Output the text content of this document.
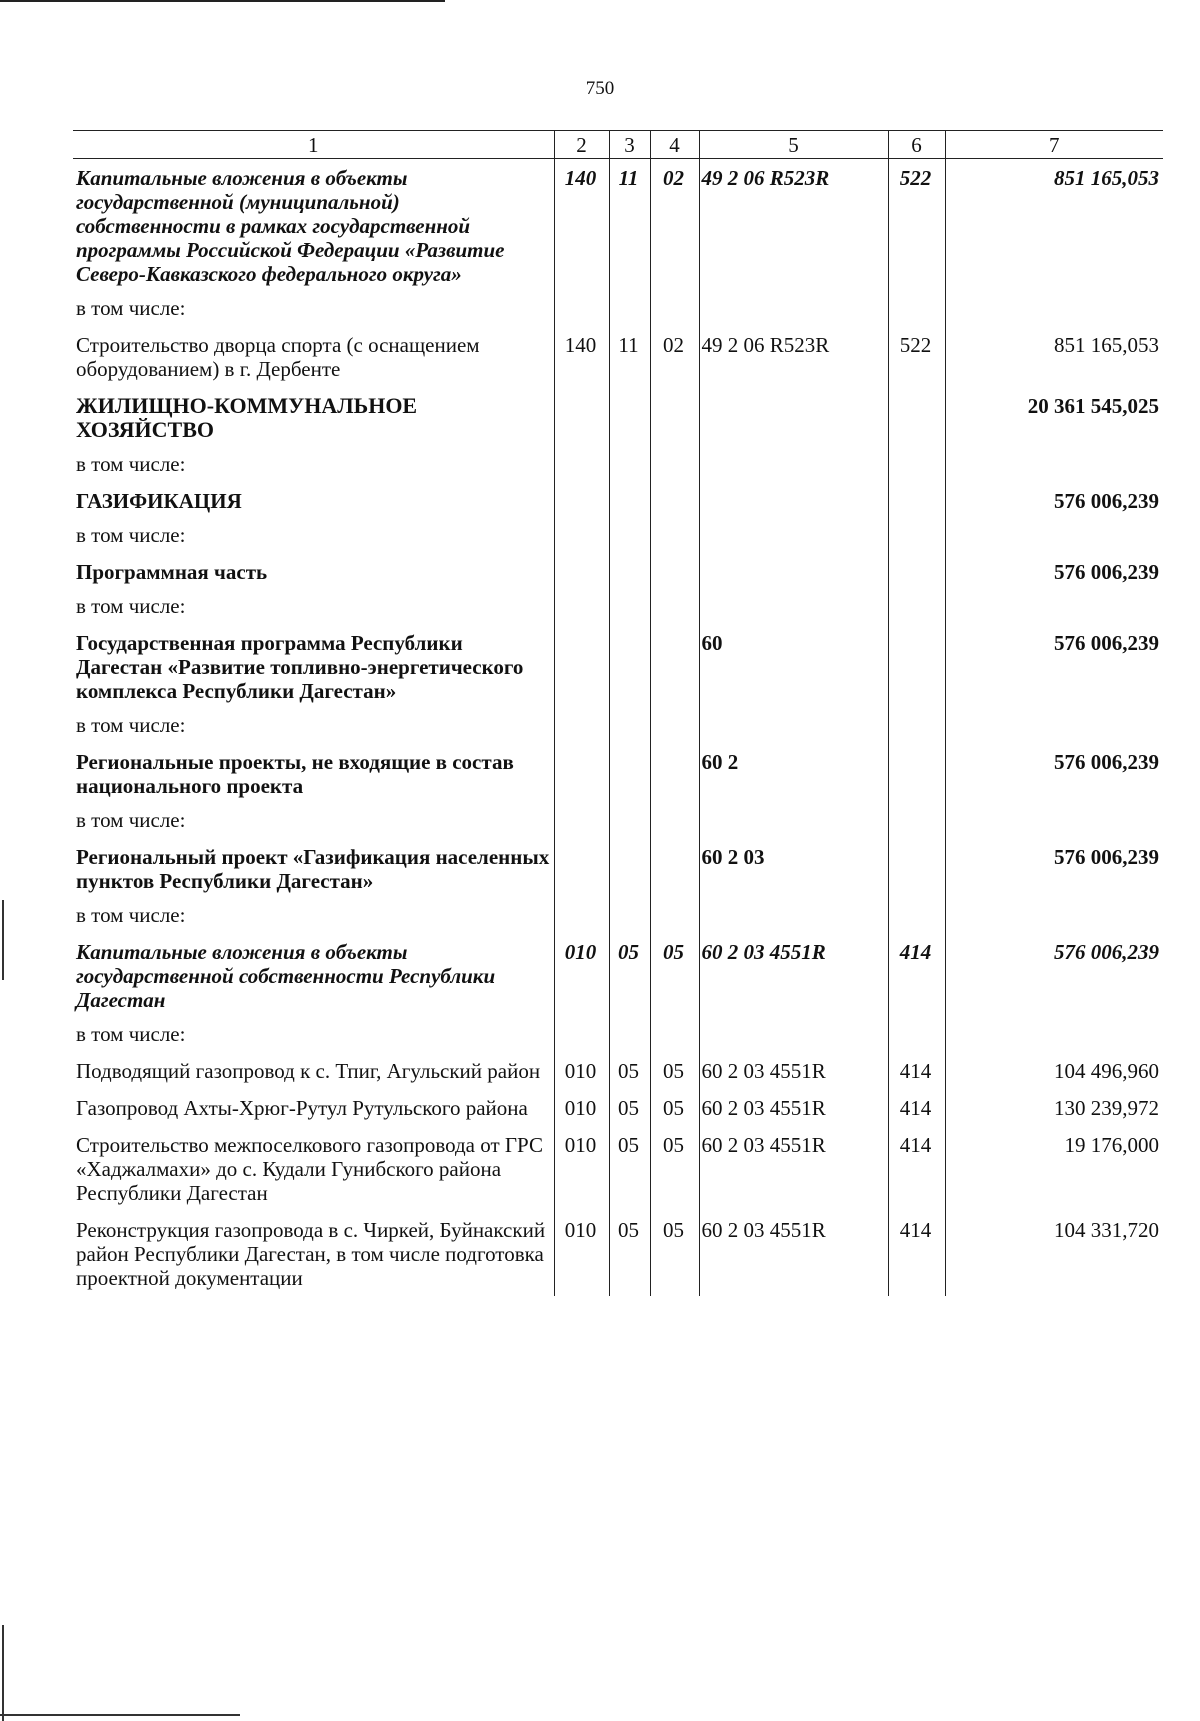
750
1	2	3	4	5	6	7
Капитальные вложения в объекты государственной (муниципальной) собственности в рамках государственной программы Российской Федерации «Развитие Северо-Кавказского федерального округа»	140	11	02	49 2 06 R523R	522	851 165,053
в том числе:						
Строительство дворца спорта (с оснащением оборудованием) в г. Дербенте	140	11	02	49 2 06 R523R	522	851 165,053
ЖИЛИЩНО-КОММУНАЛЬНОЕ ХОЗЯЙСТВО						20 361 545,025
в том числе:						
ГАЗИФИКАЦИЯ						576 006,239
в том числе:						
Программная часть						576 006,239
в том числе:						
Государственная программа Республики Дагестан «Развитие топливно-энергетического комплекса Республики Дагестан»				60		576 006,239
в том числе:						
Региональные проекты, не входящие в состав национального проекта				60 2		576 006,239
в том числе:						
Региональный проект «Газификация населенных пунктов Республики Дагестан»				60 2 03		576 006,239
в том числе:						
Капитальные вложения в объекты государственной собственности Республики Дагестан	010	05	05	60 2 03 4551R	414	576 006,239
в том числе:						
Подводящий газопровод к с. Тпиг, Агульский район	010	05	05	60 2 03 4551R	414	104 496,960
Газопровод Ахты-Хрюг-Рутул Рутульского района	010	05	05	60 2 03 4551R	414	130 239,972
Строительство межпоселкового газопровода от ГРС «Хаджалмахи» до с. Кудали Гунибского района Республики Дагестан	010	05	05	60 2 03 4551R	414	19 176,000
Реконструкция газопровода в с. Чиркей, Буйнакский район Республики Дагестан, в том числе подготовка проектной документации	010	05	05	60 2 03 4551R	414	104 331,720
